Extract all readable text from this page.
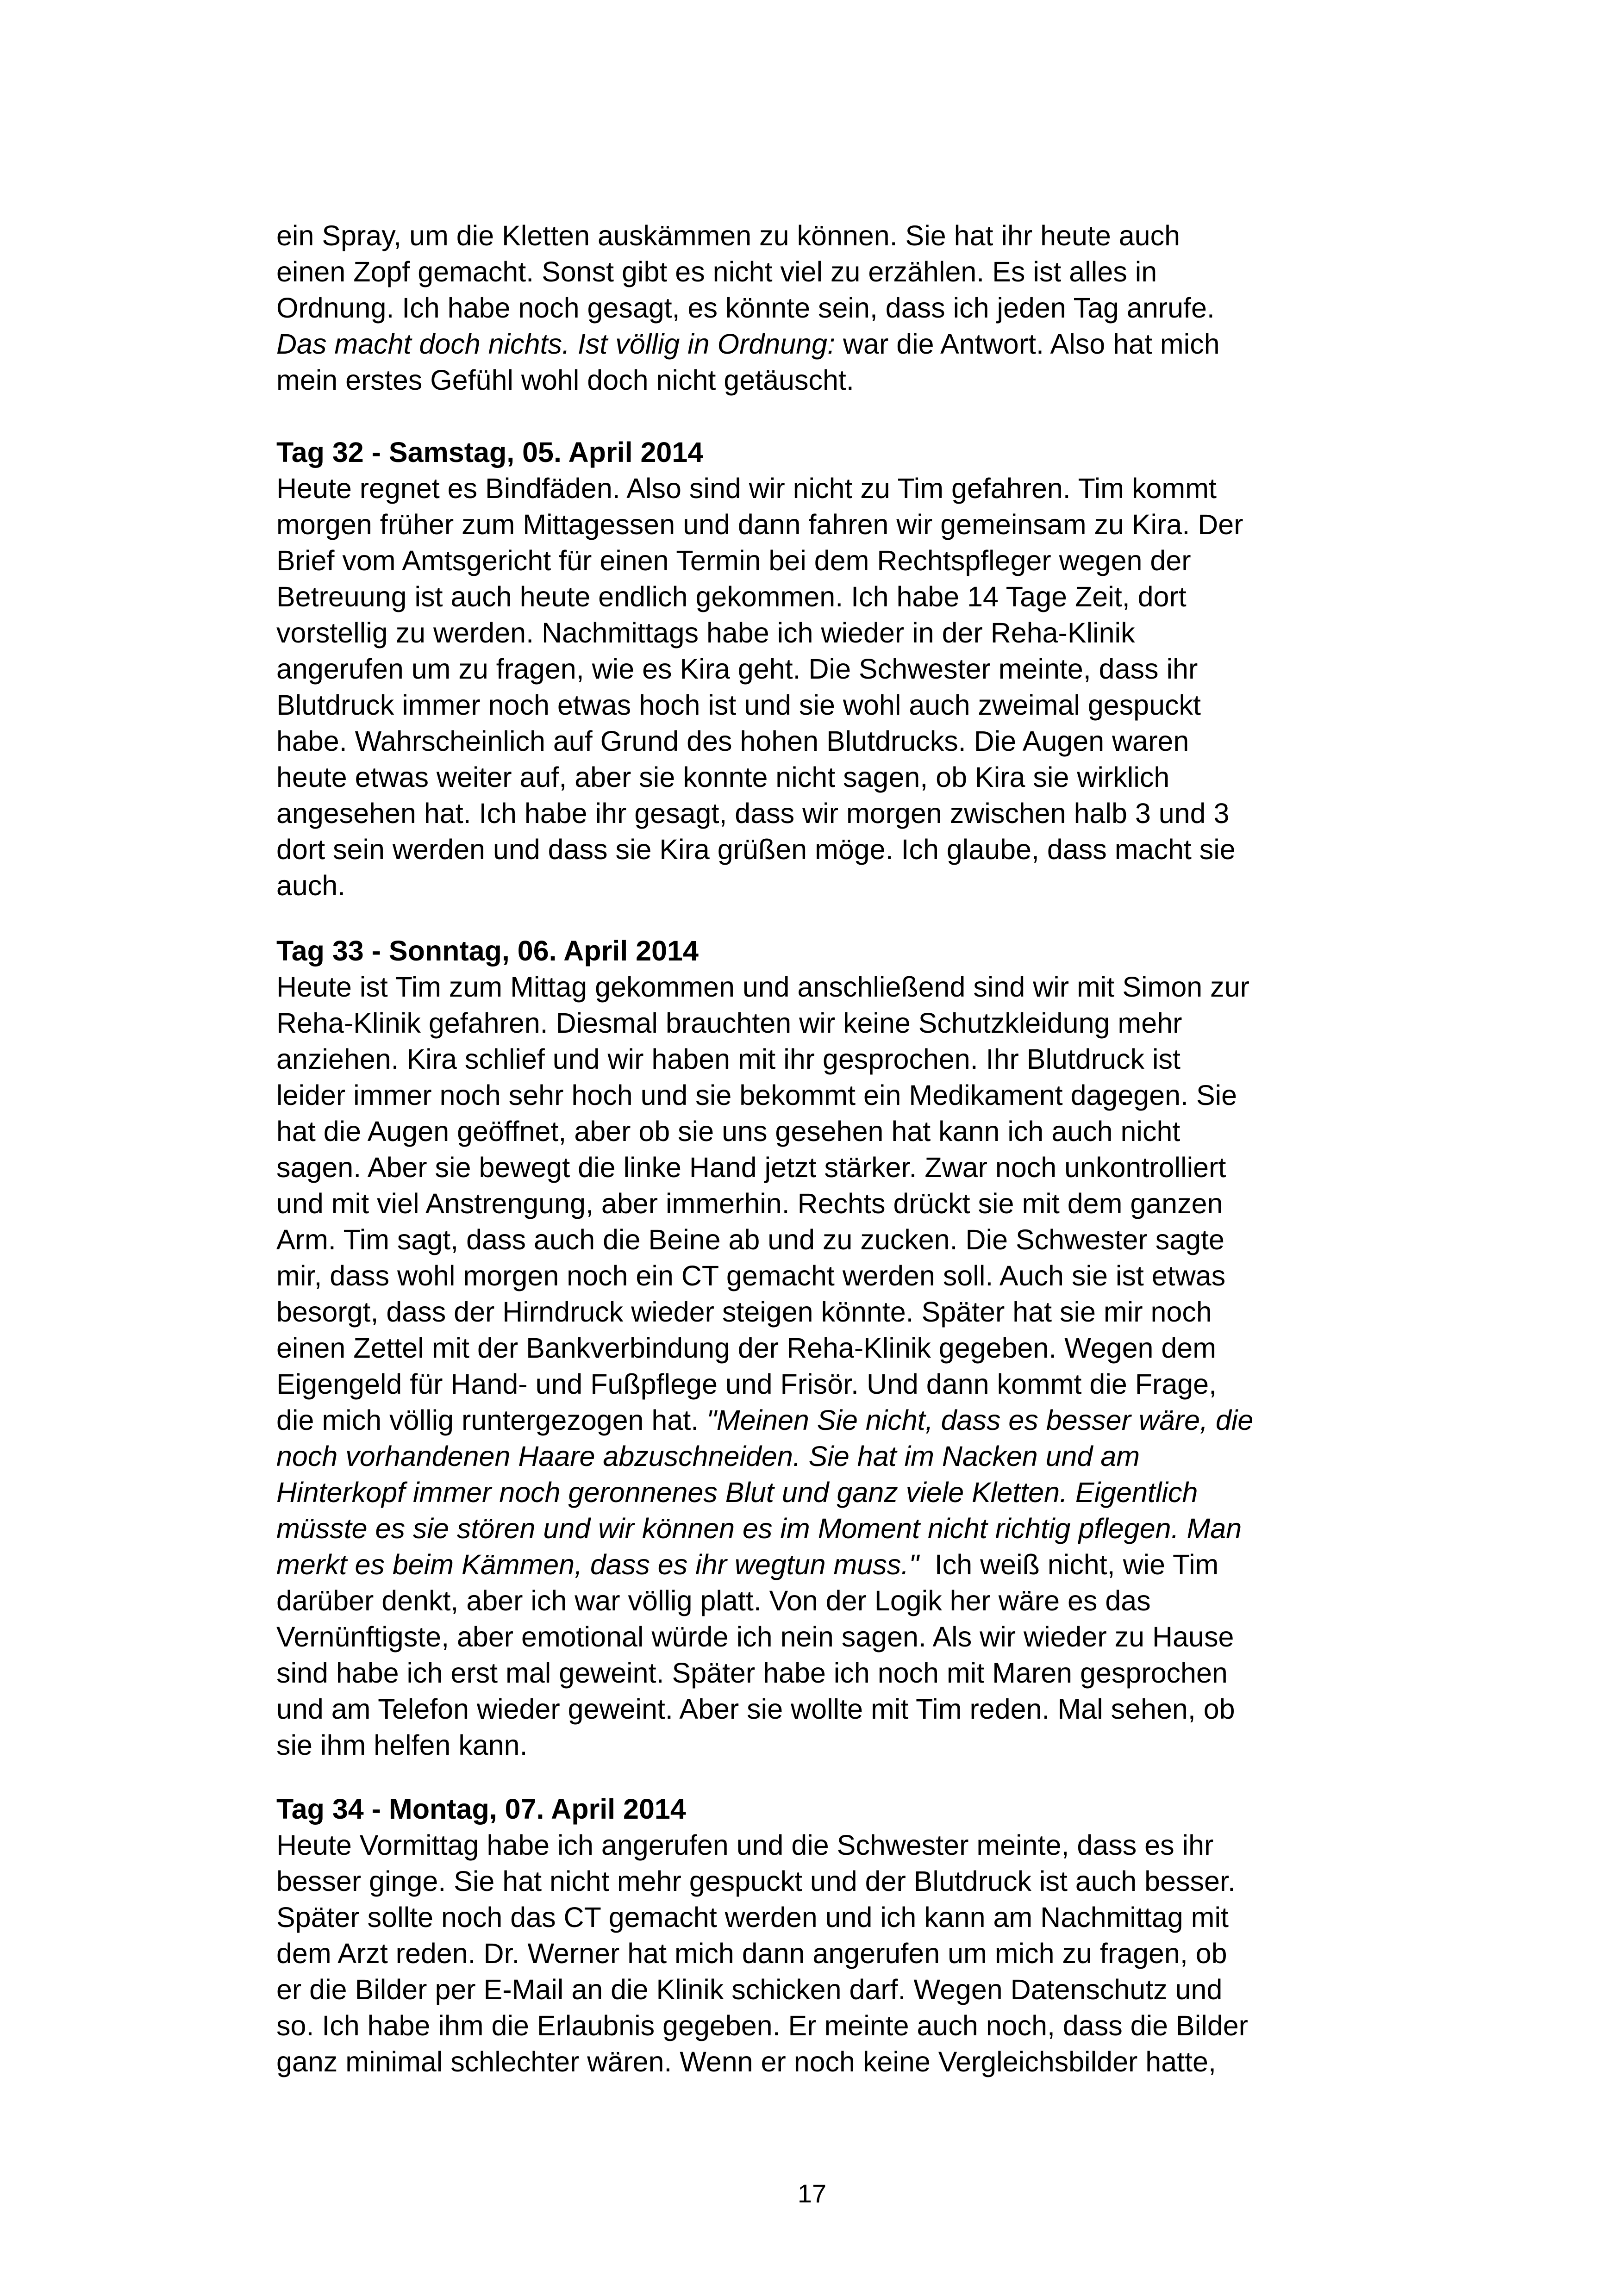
ein Spray, um die Kletten auskämmen zu können. Sie hat ihr heute auch
einen Zopf gemacht. Sonst gibt es nicht viel zu erzählen. Es ist alles in
Ordnung. Ich habe noch gesagt, es könnte sein, dass ich jeden Tag anrufe.
Das macht doch nichts. Ist völlig in Ordnung: war die Antwort. Also hat mich
mein erstes Gefühl wohl doch nicht getäuscht.
Tag 32 - Samstag, 05. April 2014
Heute regnet es Bindfäden. Also sind wir nicht zu Tim gefahren. Tim kommt
morgen früher zum Mittagessen und dann fahren wir gemeinsam zu Kira. Der
Brief vom Amtsgericht für einen Termin bei dem Rechtspfleger wegen der
Betreuung ist auch heute endlich gekommen. Ich habe 14 Tage Zeit, dort
vorstellig zu werden. Nachmittags habe ich wieder in der Reha-Klinik
angerufen um zu fragen, wie es Kira geht. Die Schwester meinte, dass ihr
Blutdruck immer noch etwas hoch ist und sie wohl auch zweimal gespuckt
habe. Wahrscheinlich auf Grund des hohen Blutdrucks. Die Augen waren
heute etwas weiter auf, aber sie konnte nicht sagen, ob Kira sie wirklich
angesehen hat. Ich habe ihr gesagt, dass wir morgen zwischen halb 3 und 3
dort sein werden und dass sie Kira grüßen möge. Ich glaube, dass macht sie
auch.
Tag 33 - Sonntag, 06. April 2014
Heute ist Tim zum Mittag gekommen und anschließend sind wir mit Simon zur
Reha-Klinik gefahren. Diesmal brauchten wir keine Schutzkleidung mehr
anziehen. Kira schlief und wir haben mit ihr gesprochen. Ihr Blutdruck ist
leider immer noch sehr hoch und sie bekommt ein Medikament dagegen. Sie
hat die Augen geöffnet, aber ob sie uns gesehen hat kann ich auch nicht
sagen. Aber sie bewegt die linke Hand jetzt stärker. Zwar noch unkontrolliert
und mit viel Anstrengung, aber immerhin. Rechts drückt sie mit dem ganzen
Arm. Tim sagt, dass auch die Beine ab und zu zucken. Die Schwester sagte
mir, dass wohl morgen noch ein CT gemacht werden soll. Auch sie ist etwas
besorgt, dass der Hirndruck wieder steigen könnte. Später hat sie mir noch
einen Zettel mit der Bankverbindung der Reha-Klinik gegeben. Wegen dem
Eigengeld für Hand- und Fußpflege und Frisör. Und dann kommt die Frage,
die mich völlig runtergezogen hat. "Meinen Sie nicht, dass es besser wäre, die
noch vorhandenen Haare abzuschneiden. Sie hat im Nacken und am
Hinterkopf immer noch geronnenes Blut und ganz viele Kletten. Eigentlich
müsste es sie stören und wir können es im Moment nicht richtig pflegen. Man
merkt es beim Kämmen, dass es ihr wegtun muss."  Ich weiß nicht, wie Tim
darüber denkt, aber ich war völlig platt. Von der Logik her wäre es das
Vernünftigste, aber emotional würde ich nein sagen. Als wir wieder zu Hause
sind habe ich erst mal geweint. Später habe ich noch mit Maren gesprochen
und am Telefon wieder geweint. Aber sie wollte mit Tim reden. Mal sehen, ob
sie ihm helfen kann.
Tag 34 - Montag, 07. April 2014
Heute Vormittag habe ich angerufen und die Schwester meinte, dass es ihr
besser ginge. Sie hat nicht mehr gespuckt und der Blutdruck ist auch besser.
Später sollte noch das CT gemacht werden und ich kann am Nachmittag mit
dem Arzt reden. Dr. Werner hat mich dann angerufen um mich zu fragen, ob
er die Bilder per E-Mail an die Klinik schicken darf. Wegen Datenschutz und
so. Ich habe ihm die Erlaubnis gegeben. Er meinte auch noch, dass die Bilder
ganz minimal schlechter wären. Wenn er noch keine Vergleichsbilder hatte,
17
